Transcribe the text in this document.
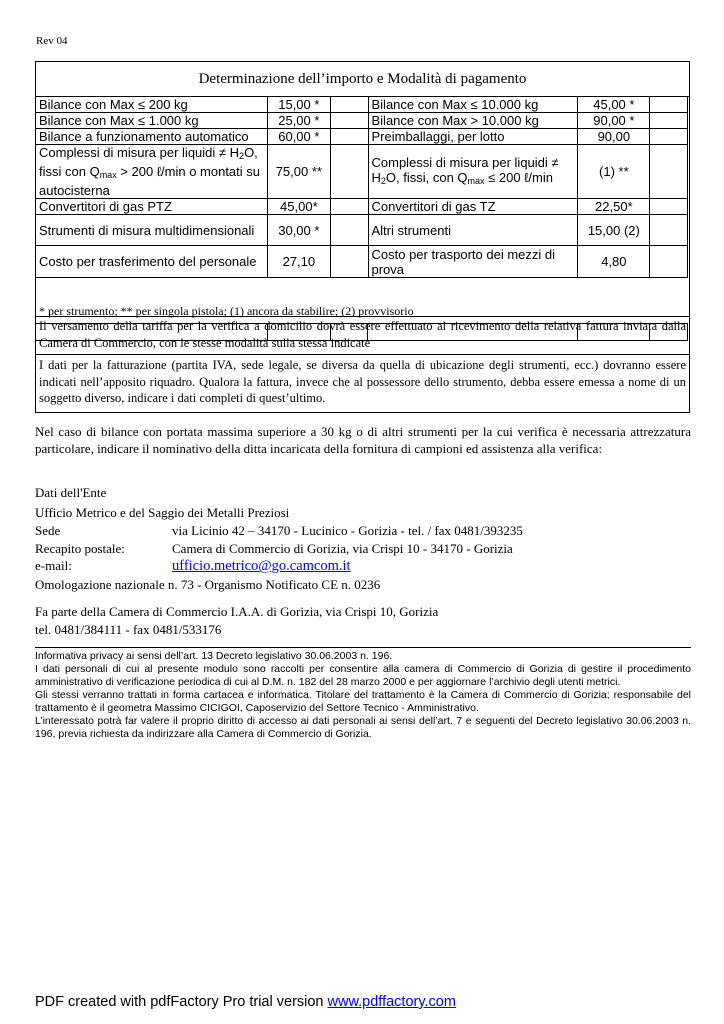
Rev 04
Determinazione dell’importo e Modalità di pagamento
Bilance con Max ≤ 200 kg	15,00 *		Bilance con Max ≤ 10.000 kg	45,00 *	
Bilance con Max ≤ 1.000 kg	25,00 *		Bilance con Max > 10.000 kg	90,00 *	
Bilance a funzionamento automatico	60,00 *		Preimballaggi, per lotto	90,00	
Complessi di misura per liquidi ≠ $H_2O$, fissi con $Q_{max} > 200$ ℓ/min o montati su autocisterna	75,00 **		Complessi di misura per liquidi ≠ $H_2O$, fissi, con $Q_{max} \le 200$ ℓ/min	(1) **	
Convertitori di gas PTZ	45,00*		Convertitori di gas TZ	22,50*	
Strumenti di misura multidimensionali	30,00 *		Altri strumenti	15,00 (2)	
Costo per trasferimento del personale	27,10		Costo per trasporto dei mezzi di prova	4,80	
* per strumento; ** per singola pistola; (1) ancora da stabilire; (2) provvisorio

Il versamento della tariffa per la verifica a domicilio dovrà essere effettuato al ricevimento della relativa fattura inviata dalla Camera di Commercio, con le stesse modalità sulla stessa indicate
I dati per la fatturazione (partita IVA, sede legale, se diversa da quella di ubicazione degli strumenti, ecc.) dovranno essere indicati nell’apposito riquadro. Qualora la fattura, invece che al possessore dello strumento, debba essere emessa a nome di un soggetto diverso, indicare i dati completi di quest’ultimo.
Nel caso di bilance con portata massima superiore a 30 kg o di altri strumenti per la cui verifica è necessaria attrezzatura particolare, indicare il nominativo della ditta incaricata della fornitura di campioni ed assistenza alla verifica:
Dati dell'Ente
Ufficio Metrico e del Saggio dei Metalli Preziosi
Sede	via Licinio 42 – 34170 - Lucinico - Gorizia - tel. / fax 0481/393235
Recapito postale:	Camera di Commercio di Gorizia, via Crispi 10 - 34170 - Gorizia
e-mail:	ufficio.metrico@go.camcom.it
Omologazione nazionale n. 73 - Organismo Notificato CE n. 0236
Fa parte della Camera di Commercio I.A.A. di Gorizia, via Crispi 10, Gorizia
tel. 0481/384111 - fax 0481/533176

Informativa privacy ai sensi dell’art. 13 Decreto legislativo 30.06.2003 n. 196.

I dati personali di cui al presente modulo sono raccolti per consentire alla camera di Commercio di Gorizia di gestire il procedimento amministrativo di verificazione periodica di cui al D.M. n. 182 del 28 marzo 2000 e per aggiornare l’archivio degli utenti metrici.

Gli stessi verranno trattati in forma cartacea e informatica. Titolare del trattamento è la Camera di Commercio di Gorizia; responsabile del trattamento è il geometra Massimo CICIGOI, Caposervizio del Settore Tecnico - Amministrativo.

L’interessato potrà far valere il proprio diritto di accesso ai dati personali ai sensi dell’art. 7 e seguenti del Decreto legislativo 30.06.2003 n. 196, previa richiesta da indirizzare alla Camera di Commercio di Gorizia.

PDF created with pdfFactory Pro trial version www.pdffactory.com
